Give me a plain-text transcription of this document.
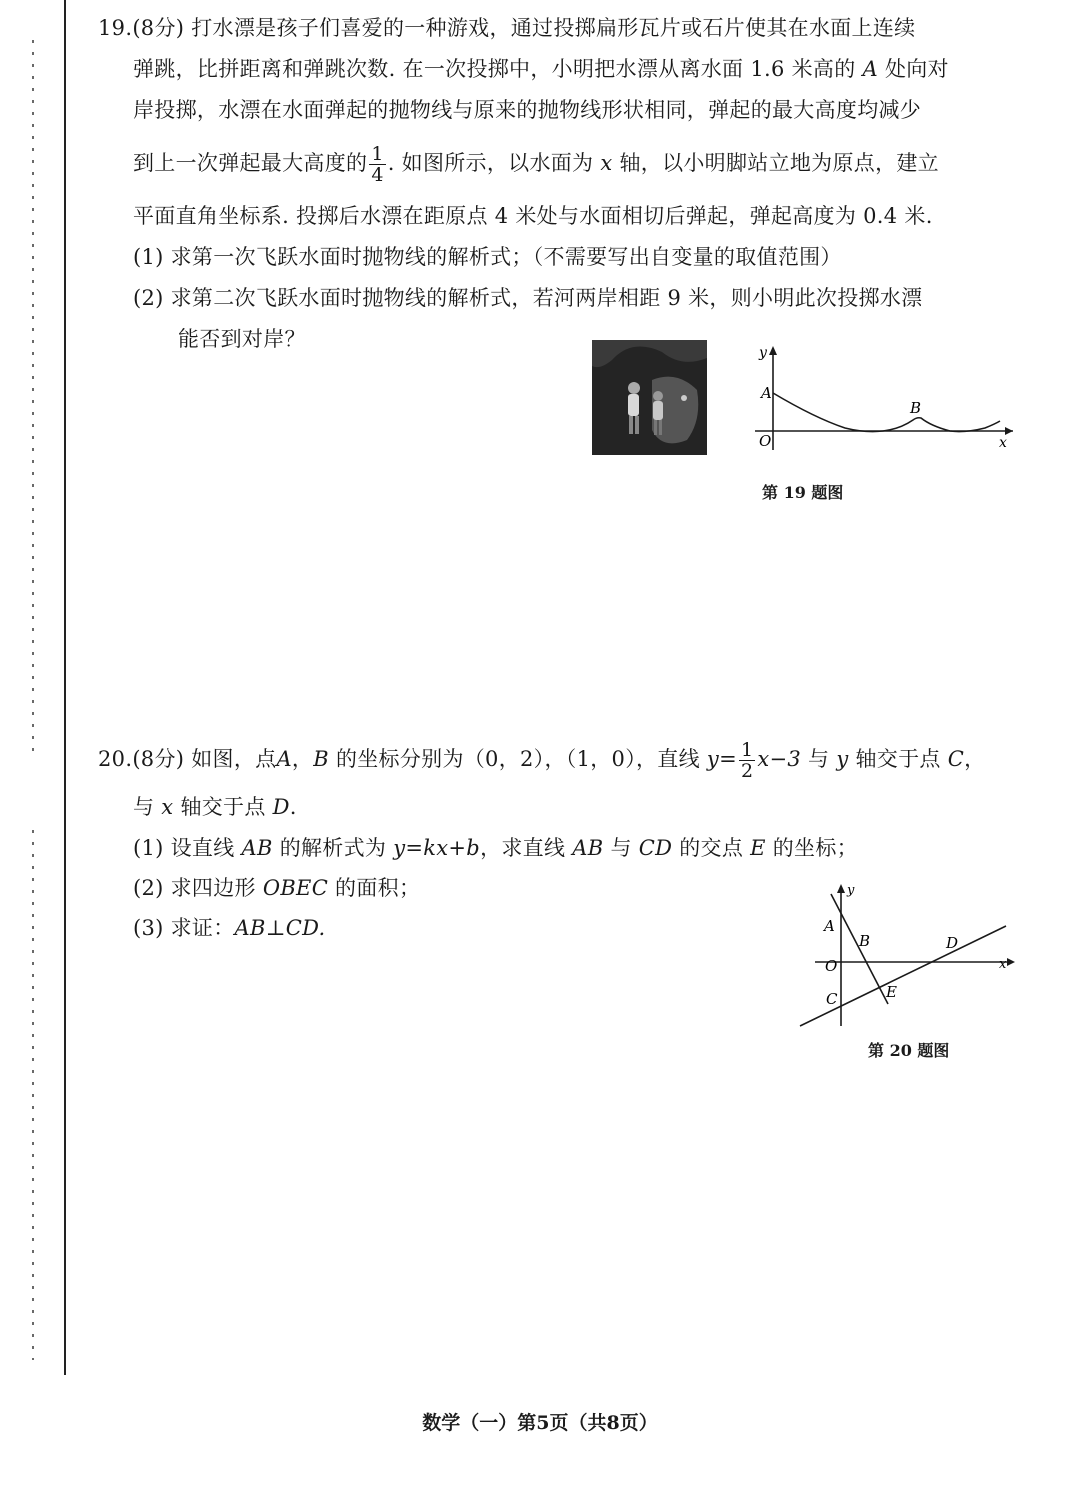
19.(8分) 打水漂是孩子们喜爱的一种游戏，通过投掷扁形瓦片或石片使其在水面上连续
弹跳，比拼距离和弹跳次数. 在一次投掷中，小明把水漂从离水面 1.6 米高的 A 处向对
岸投掷，水漂在水面弹起的抛物线与原来的抛物线形状相同，弹起的最大高度均减少
到上一次弹起最大高度的 $\frac{1}{4}$ . 如图所示，以水面为 x 轴，以小明脚站立地为原点，建立
平面直角坐标系. 投掷后水漂在距原点 4 米处与水面相切后弹起，弹起高度为 0.4 米.
(1) 求第一次飞跃水面时抛物线的解析式；（不需要写出自变量的取值范围）
(2) 求第二次飞跃水面时抛物线的解析式，若河两岸相距 9 米，则小明此次投掷水漂
能否到对岸？
y
A
B
O	x
第 19 题图
20.(8分) 如图，点A，B 的坐标分别为（0，2），（1，0），直线 $y= \frac{1}{2} x-3$ 与 y 轴交于点 C，
与 x 轴交于点 D.
(1) 设直线 AB 的解析式为 y=kx+b，求直线 AB 与 CD 的交点 E 的坐标；
(2) 求四边形 OBEC 的面积；
(3) 求证：AB⊥CD.
y
A
B	D
O	x
C	E
第 20 题图
数学（一）第5页（共8页）
